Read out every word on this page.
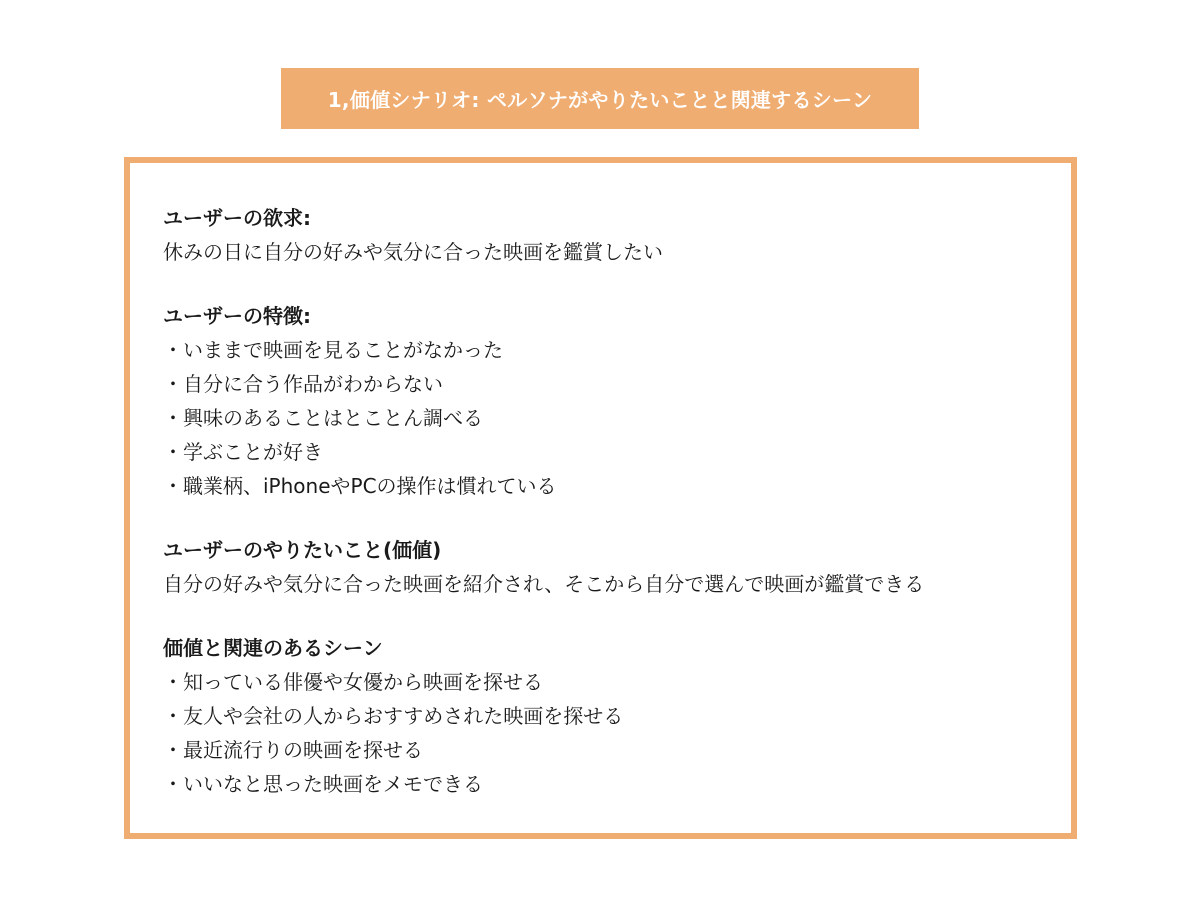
1,価値シナリオ: ペルソナがやりたいことと関連するシーン
ユーザーの欲求:
休みの日に自分の好みや気分に合った映画を鑑賞したい
ユーザーの特徴:
・いままで映画を見ることがなかった
・自分に合う作品がわからない
・興味のあることはとことん調べる
・学ぶことが好き
・職業柄、iPhoneやPCの操作は慣れている
ユーザーのやりたいこと(価値)
自分の好みや気分に合った映画を紹介され、そこから自分で選んで映画が鑑賞できる
価値と関連のあるシーン
・知っている俳優や女優から映画を探せる
・友人や会社の人からおすすめされた映画を探せる
・最近流行りの映画を探せる
・いいなと思った映画をメモできる
